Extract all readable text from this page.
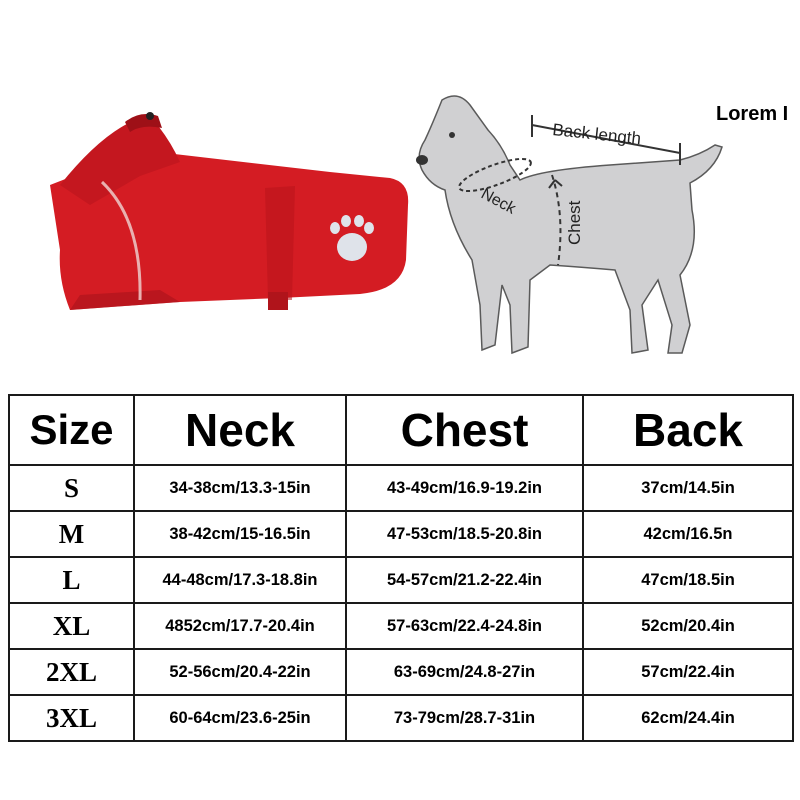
Back length
Neck	Chest
Lorem I
Size	Neck	Chest	Back
S	34-38cm/13.3-15in	43-49cm/16.9-19.2in	37cm/14.5in
M	38-42cm/15-16.5in	47-53cm/18.5-20.8in	42cm/16.5n
L	44-48cm/17.3-18.8in	54-57cm/21.2-22.4in	47cm/18.5in
XL	4852cm/17.7-20.4in	57-63cm/22.4-24.8in	52cm/20.4in
2XL	52-56cm/20.4-22in	63-69cm/24.8-27in	57cm/22.4in
3XL	60-64cm/23.6-25in	73-79cm/28.7-31in	62cm/24.4in
